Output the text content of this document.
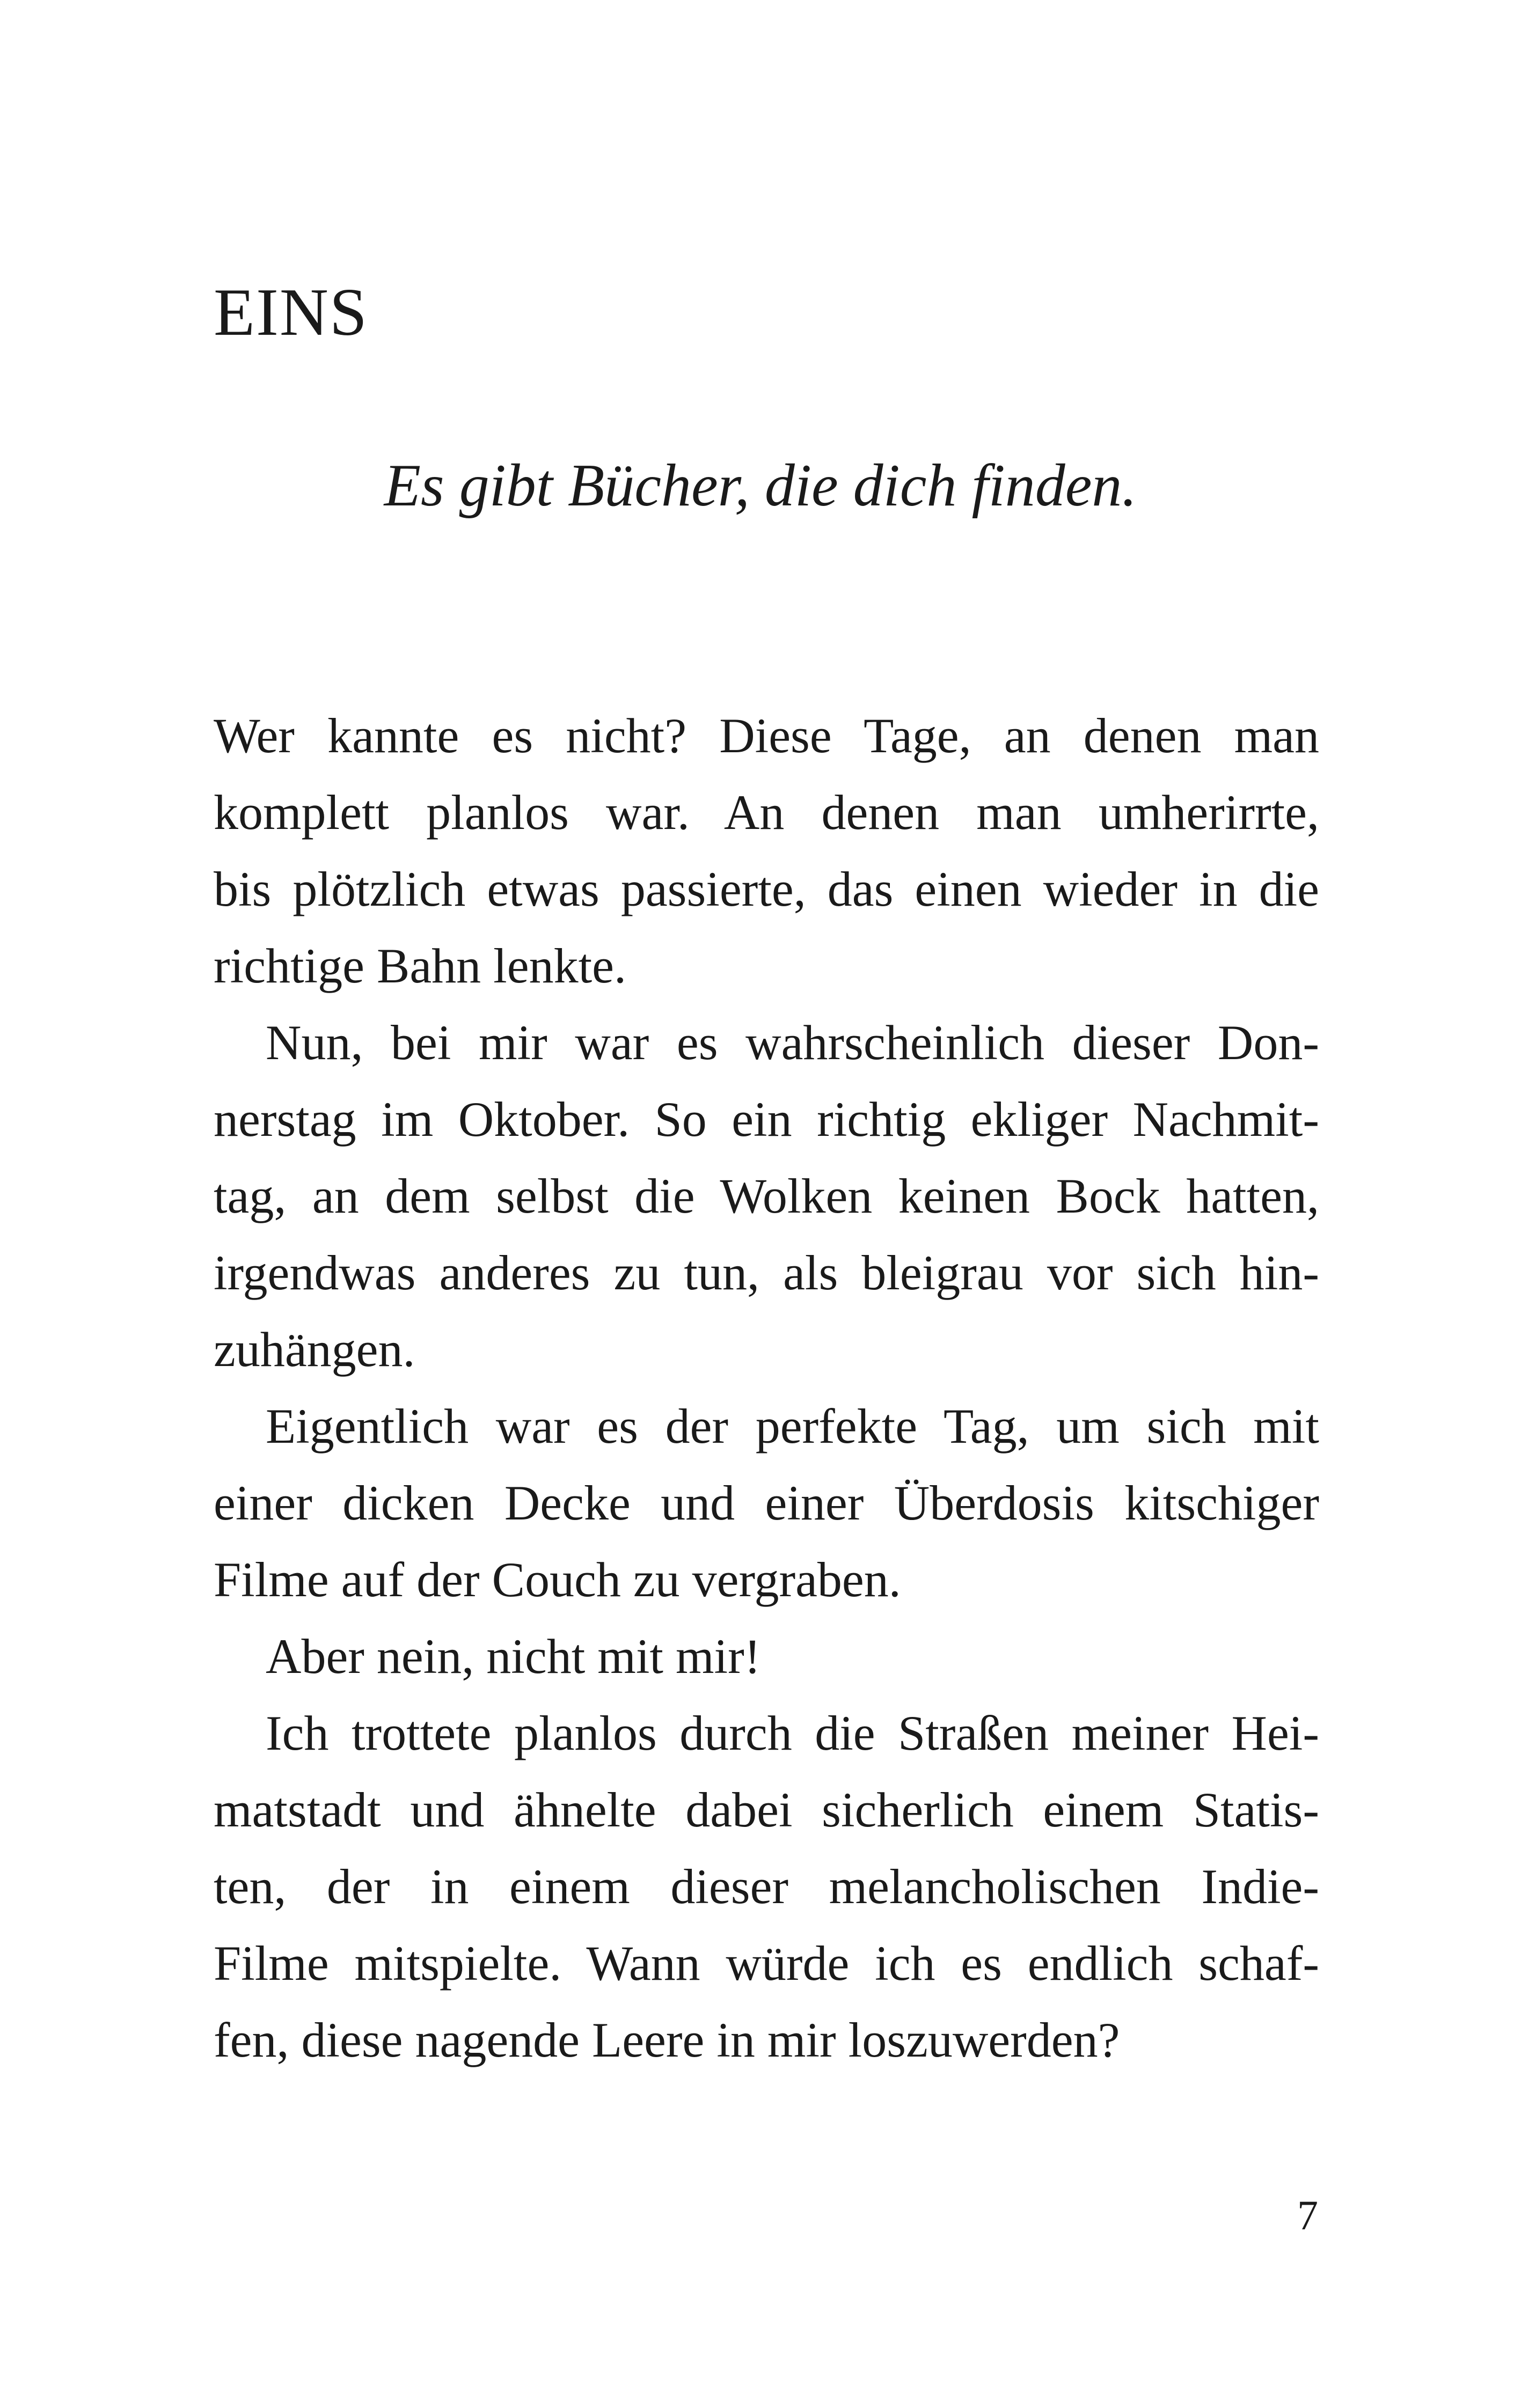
EINS

Es gibt Bücher, die dich finden.

Wer kannte es nicht? Diese Tage, an denen man
komplett planlos war. An denen man umherirrte,
bis plötzlich etwas passierte, das einen wieder in die
richtige Bahn lenkte.
Nun, bei mir war es wahrscheinlich dieser Don-
nerstag im Oktober. So ein richtig ekliger Nachmit-
tag, an dem selbst die Wolken keinen Bock hatten,
irgendwas anderes zu tun, als bleigrau vor sich hin-
zuhängen.
Eigentlich war es der perfekte Tag, um sich mit
einer dicken Decke und einer Überdosis kitschiger
Filme auf der Couch zu vergraben.
Aber nein, nicht mit mir!
Ich trottete planlos durch die Straßen meiner Hei-
matstadt und ähnelte dabei sicherlich einem Statis-
ten, der in einem dieser melancholischen Indie-
Filme mitspielte. Wann würde ich es endlich schaf-
fen, diese nagende Leere in mir loszuwerden?
7
